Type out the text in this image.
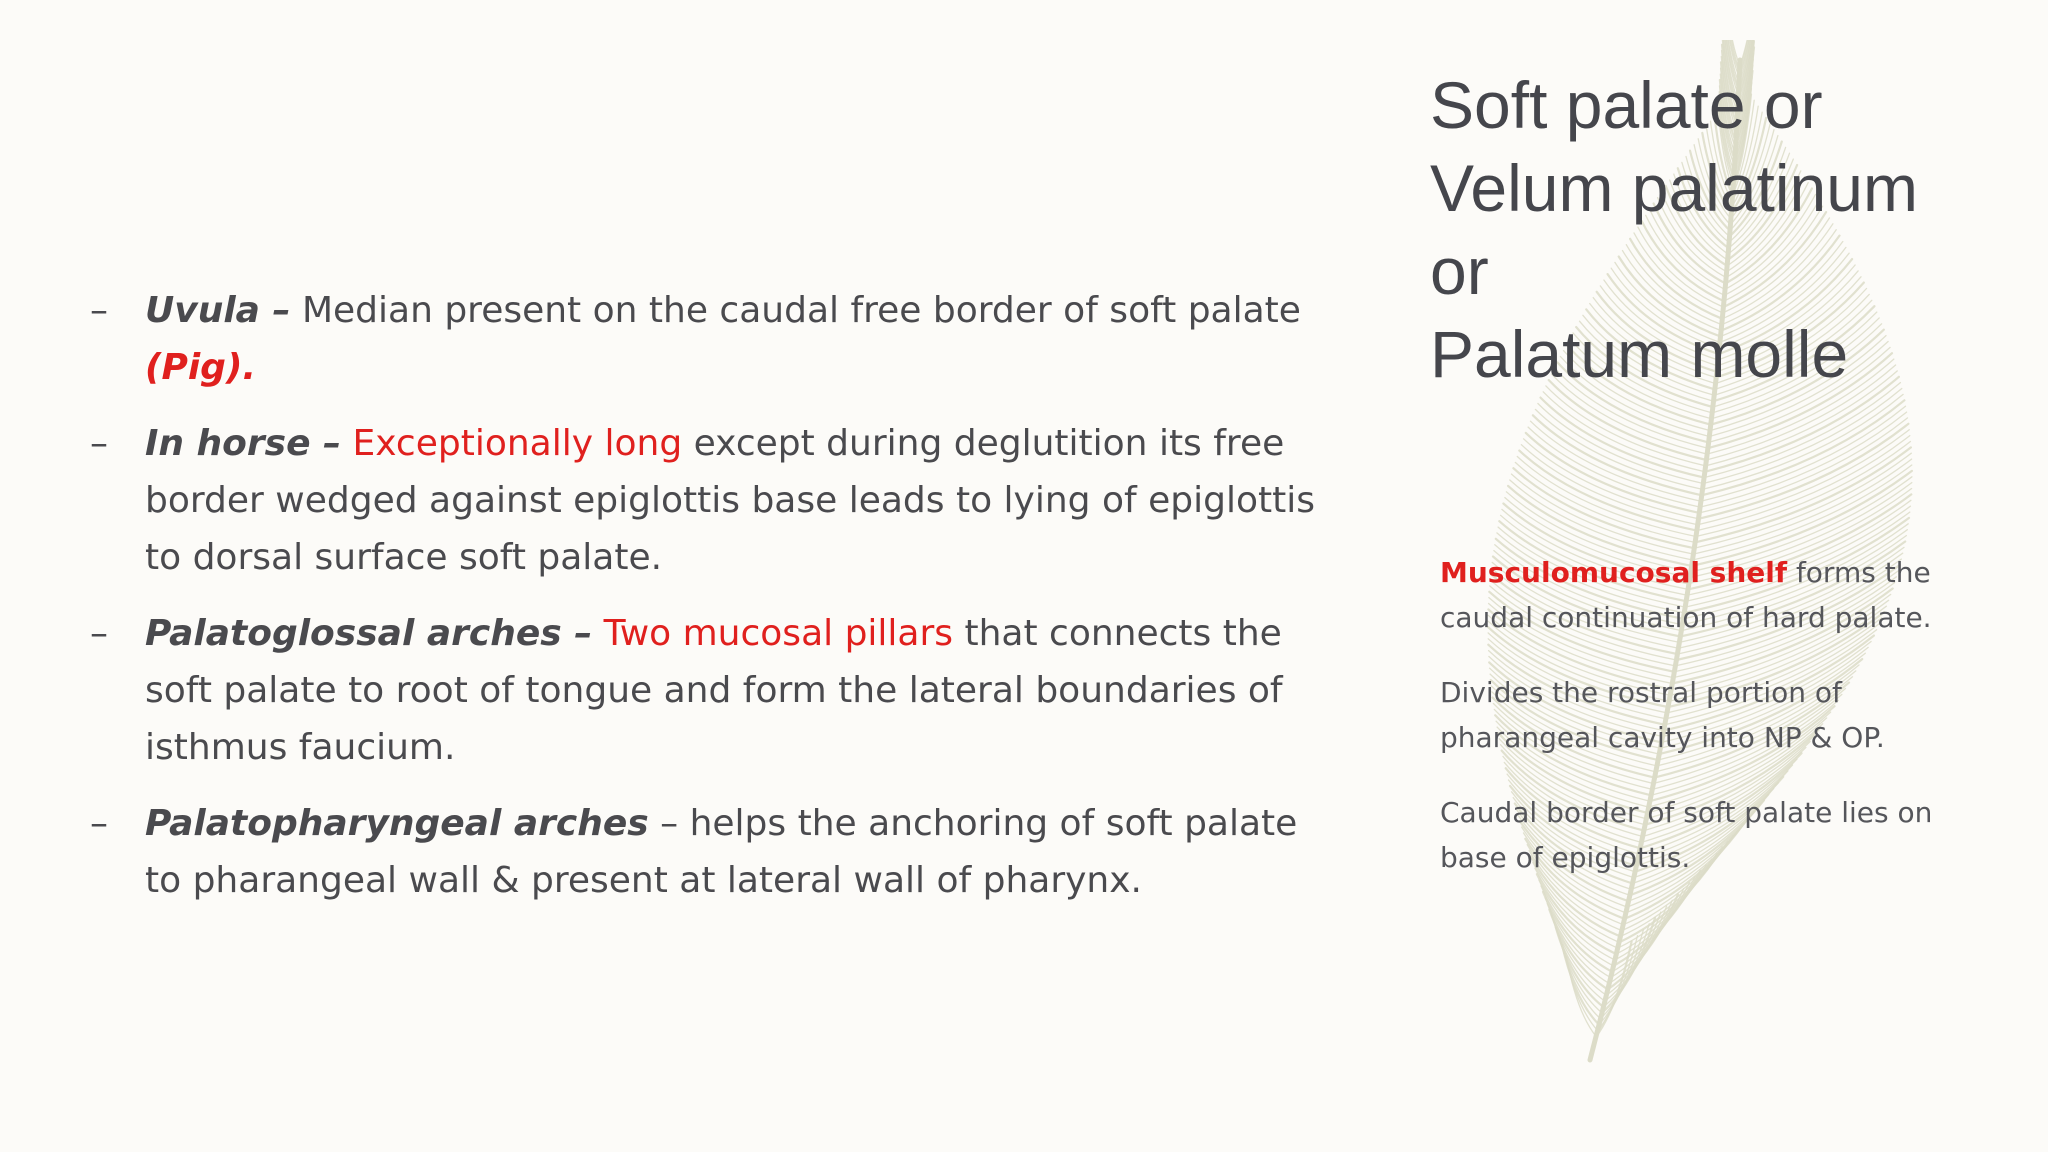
Soft palate or
Velum palatinum
or
Palatum molle
– Uvula – Median present on the caudal free border of soft palate (Pig).
– In horse – Exceptionally long except during deglutition its free border wedged against epiglottis base leads to lying of epiglottis to dorsal surface soft palate.
– Palatoglossal arches – Two mucosal pillars that connects the soft palate to root of tongue and form the lateral boundaries of isthmus faucium.
– Palatopharyngeal arches – helps the anchoring of soft palate to pharangeal wall & present at lateral wall of pharynx.

Musculomucosal shelf forms the caudal continuation of hard palate.

Divides the rostral portion of pharangeal cavity into NP & OP.

Caudal border of soft palate lies on base of epiglottis.
